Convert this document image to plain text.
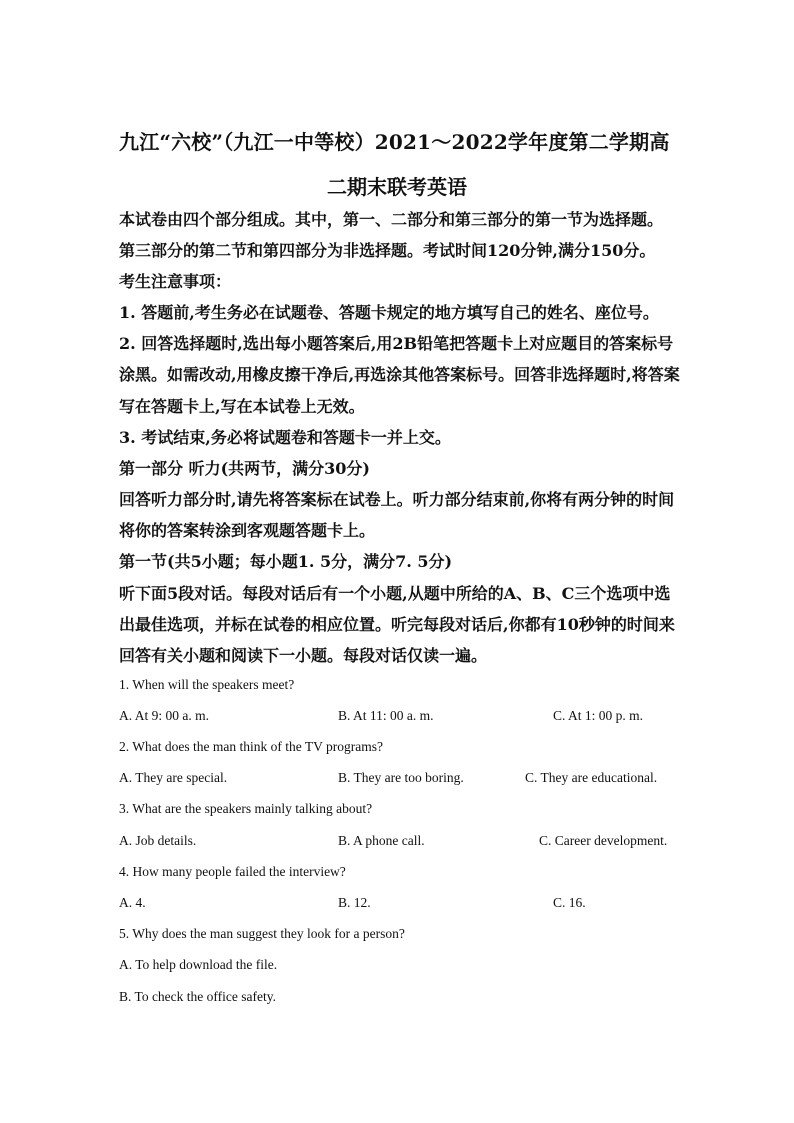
九江“六校”（九江一中等校）2021～2022学年度第二学期高
二期末联考英语
本试卷由四个部分组成。其中，第一、二部分和第三部分的第一节为选择题。
第三部分的第二节和第四部分为非选择题。考试时间120分钟,满分150分。
考生注意事项：
1. 答题前,考生务必在试题卷、答题卡规定的地方填写自己的姓名、座位号。
2. 回答选择题时,选出每小题答案后,用2B铅笔把答题卡上对应题目的答案标号
涂黑。如需改动,用橡皮擦干净后,再选涂其他答案标号。回答非选择题时,将答案
写在答题卡上,写在本试卷上无效。
3. 考试结束,务必将试题卷和答题卡一并上交。
第一部分 听力(共两节，满分30分)
回答听力部分时,请先将答案标在试卷上。听力部分结束前,你将有两分钟的时间
将你的答案转涂到客观题答题卡上。
第一节(共5小题；每小题1. 5分，满分7. 5分)
听下面5段对话。每段对话后有一个小题,从题中所给的A、B、C三个选项中选
出最佳选项，并标在试卷的相应位置。听完每段对话后,你都有10秒钟的时间来
回答有关小题和阅读下一小题。每段对话仅读一遍。
1. When will the speakers meet?
A. At 9: 00 a. m.	B. At 11: 00 a. m.	C. At 1: 00 p. m.
2. What does the man think of the TV programs?
A. They are special.	B. They are too boring.	C. They are educational.
3. What are the speakers mainly talking about?
A. Job details.	B. A phone call.	C. Career development.
4. How many people failed the interview?
A. 4.	B. 12.	C. 16.
5. Why does the man suggest they look for a person?
A. To help download the file.
B. To check the office safety.
